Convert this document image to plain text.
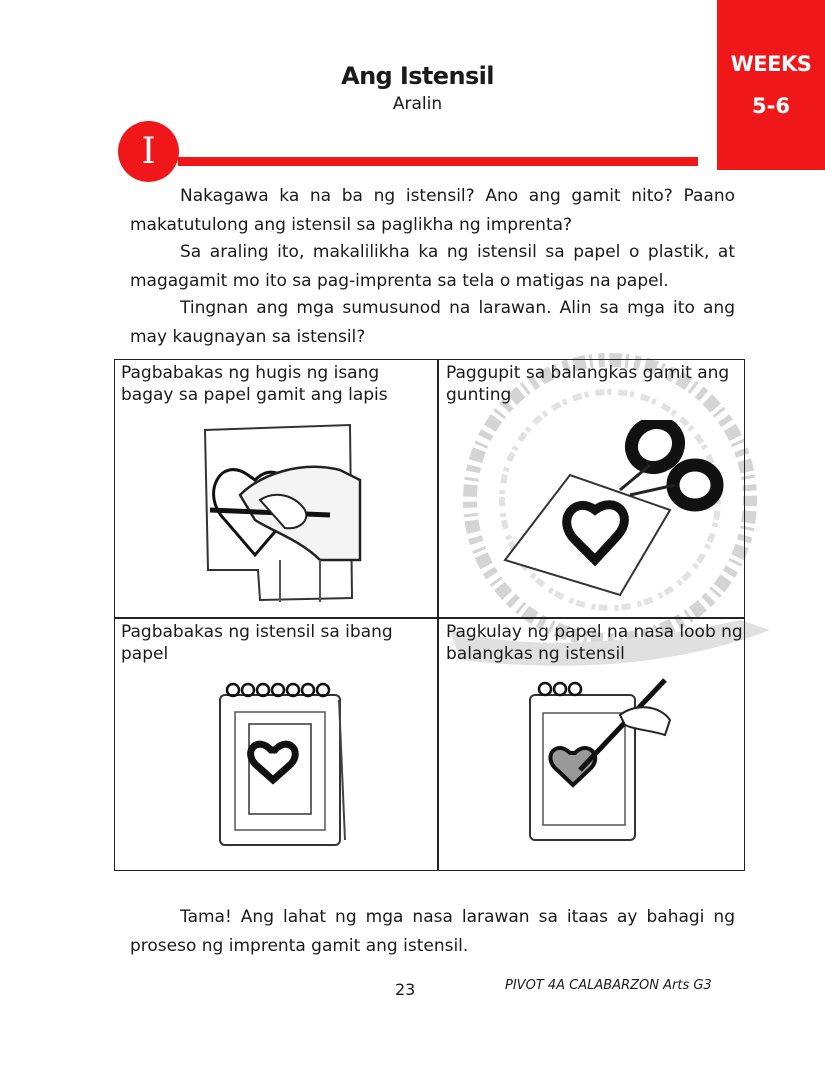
WEEKS
5-6
Ang Istensil
Aralin
I

Nakagawa ka na ba ng istensil? Ano ang gamit nito? Paano makatutulong ang istensil sa paglikha ng imprenta?

Sa araling ito, makalilikha ka ng istensil sa papel o plastik, at magagamit mo ito sa pag-imprenta sa tela o matigas na papel.

Tingnan ang mga sumusunod na larawan. Alin sa mga ito ang may kaugnayan sa istensil?

Pagbabakas ng hugis ng isang bagay sa papel gamit ang lapis

Paggupit sa balangkas gamit ang gunting

Pagbabakas ng istensil sa ibang papel

Pagkulay ng papel na nasa loob ng balangkas ng istensil

Tama! Ang lahat ng mga nasa larawan sa itaas ay bahagi ng proseso ng imprenta gamit ang istensil.

23	PIVOT 4A CALABARZON Arts G3
